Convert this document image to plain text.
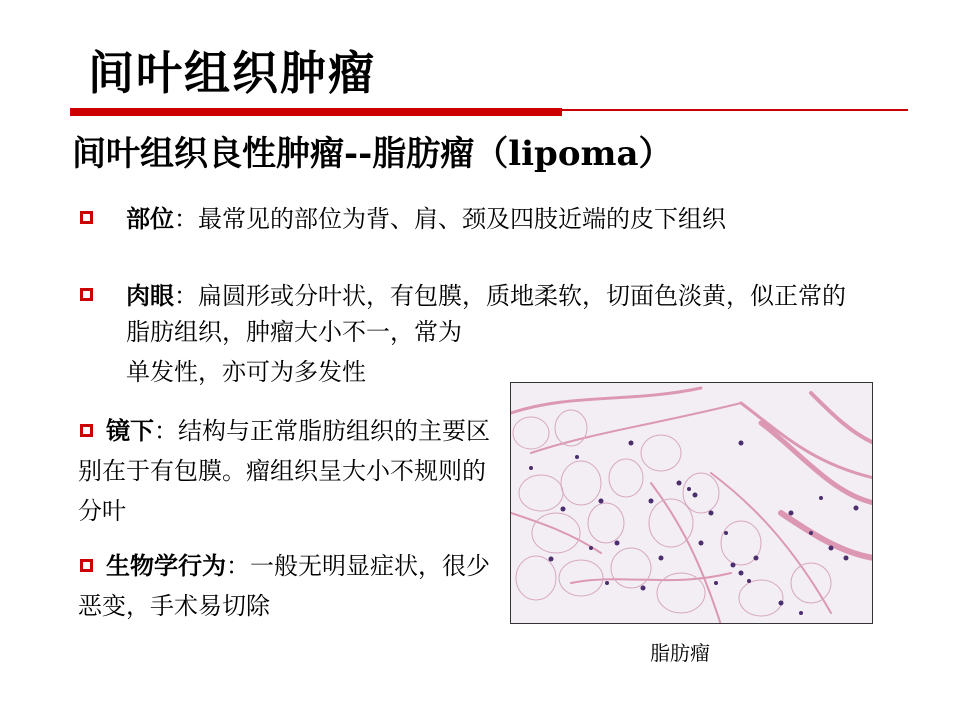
间叶组织肿瘤
间叶组织良性肿瘤--脂肪瘤（lipoma）

部位：最常见的部位为背、肩、颈及四肢近端的皮下组织

肉眼：扁圆形或分叶状，有包膜，质地柔软，切面色淡黄，似正常的脂肪组织，肿瘤大小不一，常为
单发性，亦可为多发性

镜下：结构与正常脂肪组织的主要区别在于有包膜。瘤组织呈大小不规则的分叶

生物学行为：一般无明显症状，很少恶变，手术易切除

脂肪瘤
